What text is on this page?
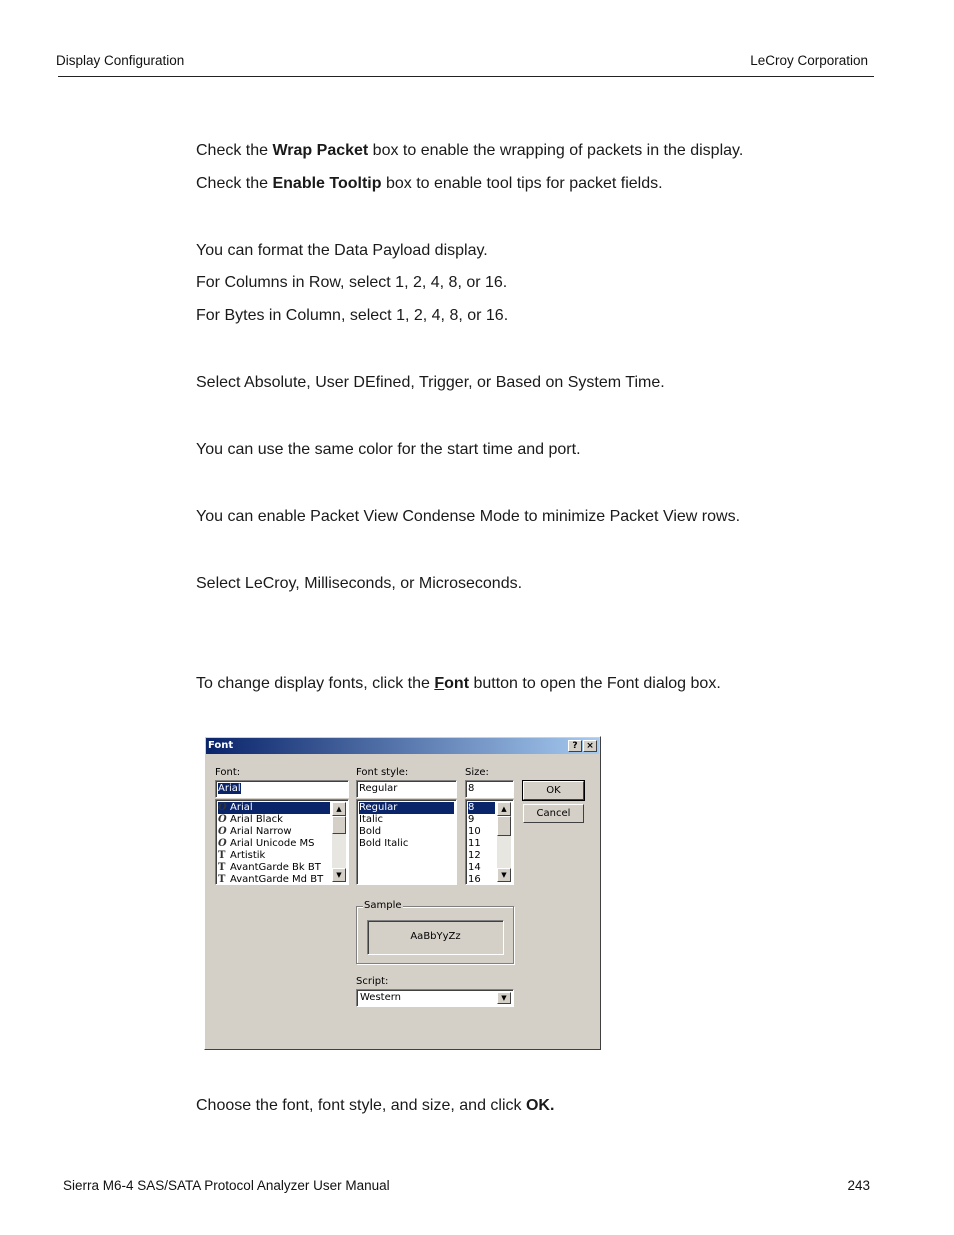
Display Configuration	LeCroy Corporation
Check the Wrap Packet box to enable the wrapping of packets in the display.
Check the Enable Tooltip box to enable tool tips for packet fields.
You can format the Data Payload display.
For Columns in Row, select 1, 2, 4, 8, or 16.
For Bytes in Column, select 1, 2, 4, 8, or 16.
Select Absolute, User DEfined, Trigger, or Based on System Time.
You can use the same color for the start time and port.
You can enable Packet View Condense Mode to minimize Packet View rows.
Select LeCroy, Milliseconds, or Microseconds.
To change display fonts, click the Font button to open the Font dialog box.
Font	? ×
Font:
Arial
O Arial
O Arial Black
O Arial Narrow
O Arial Unicode MS
T Artistik
T AvantGarde Bk BT
T AvantGarde Md BT
▲
▼
Font style:
Regular
Regular
Italic
Bold
Bold Italic
Size:
8
8
9
10
11
12
14
16
▲
▼
OK
Cancel
Sample
AaBbYyZz
Script:
Western	▼
Choose the font, font style, and size, and click OK.
Sierra M6-4 SAS/SATA Protocol Analyzer User Manual	243
